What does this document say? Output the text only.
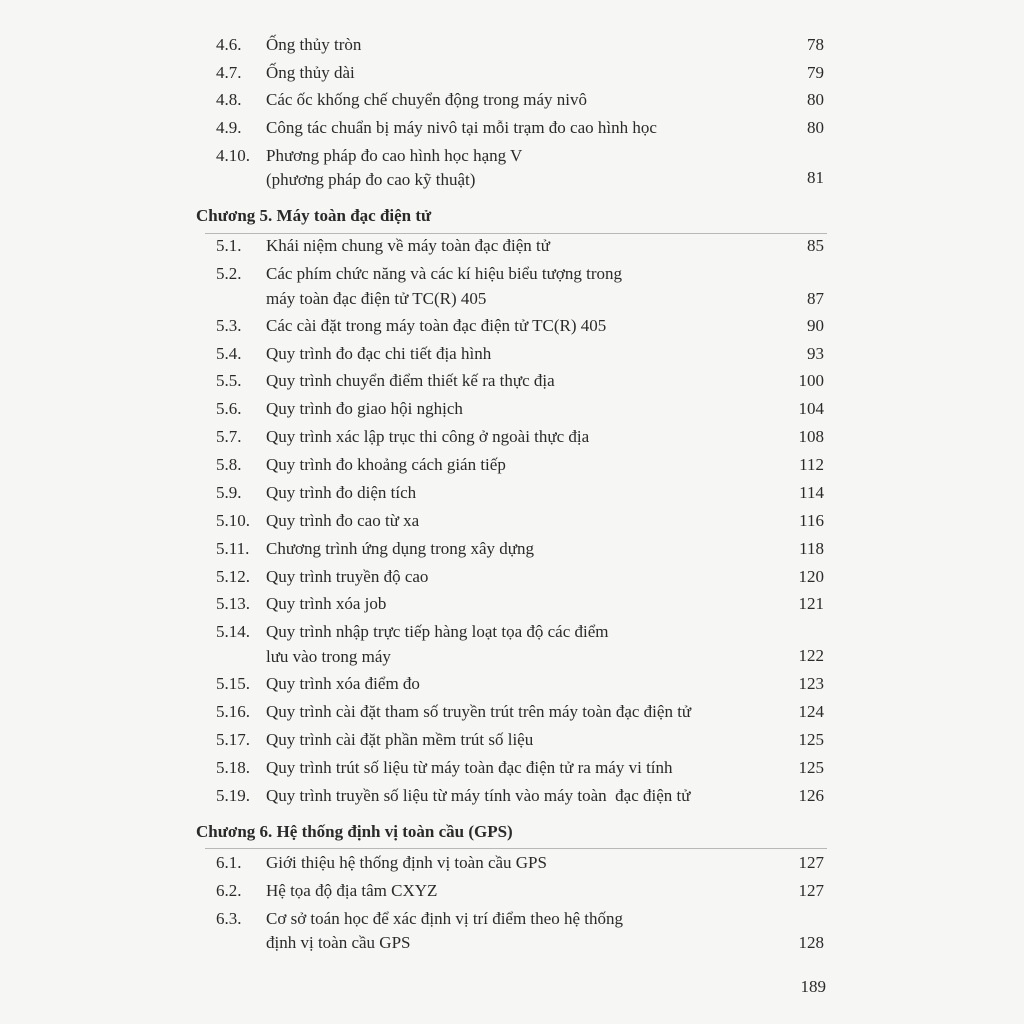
4.6. Ống thủy tròn	78
4.7. Ống thủy dài	79
4.8. Các ốc khống chế chuyển động trong máy nivô	80
4.9. Công tác chuẩn bị máy nivô tại mỗi trạm đo cao hình học	80
4.10. Phương pháp đo cao hình học hạng V
(phương pháp đo cao kỹ thuật)	81
Chương 5. Máy toàn đạc điện tử
5.1. Khái niệm chung về máy toàn đạc điện tử	85
5.2. Các phím chức năng và các kí hiệu biểu tượng trong
máy toàn đạc điện tử TC(R) 405	87
5.3. Các cài đặt trong máy toàn đạc điện tử TC(R) 405	90
5.4. Quy trình đo đạc chi tiết địa hình	93
5.5. Quy trình chuyển điểm thiết kế ra thực địa	100
5.6. Quy trình đo giao hội nghịch	104
5.7. Quy trình xác lập trục thi công ở ngoài thực địa	108
5.8. Quy trình đo khoảng cách gián tiếp	112
5.9. Quy trình đo diện tích	114
5.10. Quy trình đo cao từ xa	116
5.11. Chương trình ứng dụng trong xây dựng	118
5.12. Quy trình truyền độ cao	120
5.13. Quy trình xóa job	121
5.14. Quy trình nhập trực tiếp hàng loạt tọa độ các điểm
lưu vào trong máy	122
5.15. Quy trình xóa điểm đo	123
5.16. Quy trình cài đặt tham số truyền trút trên máy toàn đạc điện tử	124
5.17. Quy trình cài đặt phần mềm trút số liệu	125
5.18. Quy trình trút số liệu từ máy toàn đạc điện tử ra máy vi tính	125
5.19. Quy trình truyền số liệu từ máy tính vào máy toàn  đạc điện tử	126
Chương 6. Hệ thống định vị toàn cầu (GPS)
6.1. Giới thiệu hệ thống định vị toàn cầu GPS	127
6.2. Hệ tọa độ địa tâm CXYZ	127
6.3. Cơ sở toán học để xác định vị trí điểm theo hệ thống
định vị toàn cầu GPS	128
189
